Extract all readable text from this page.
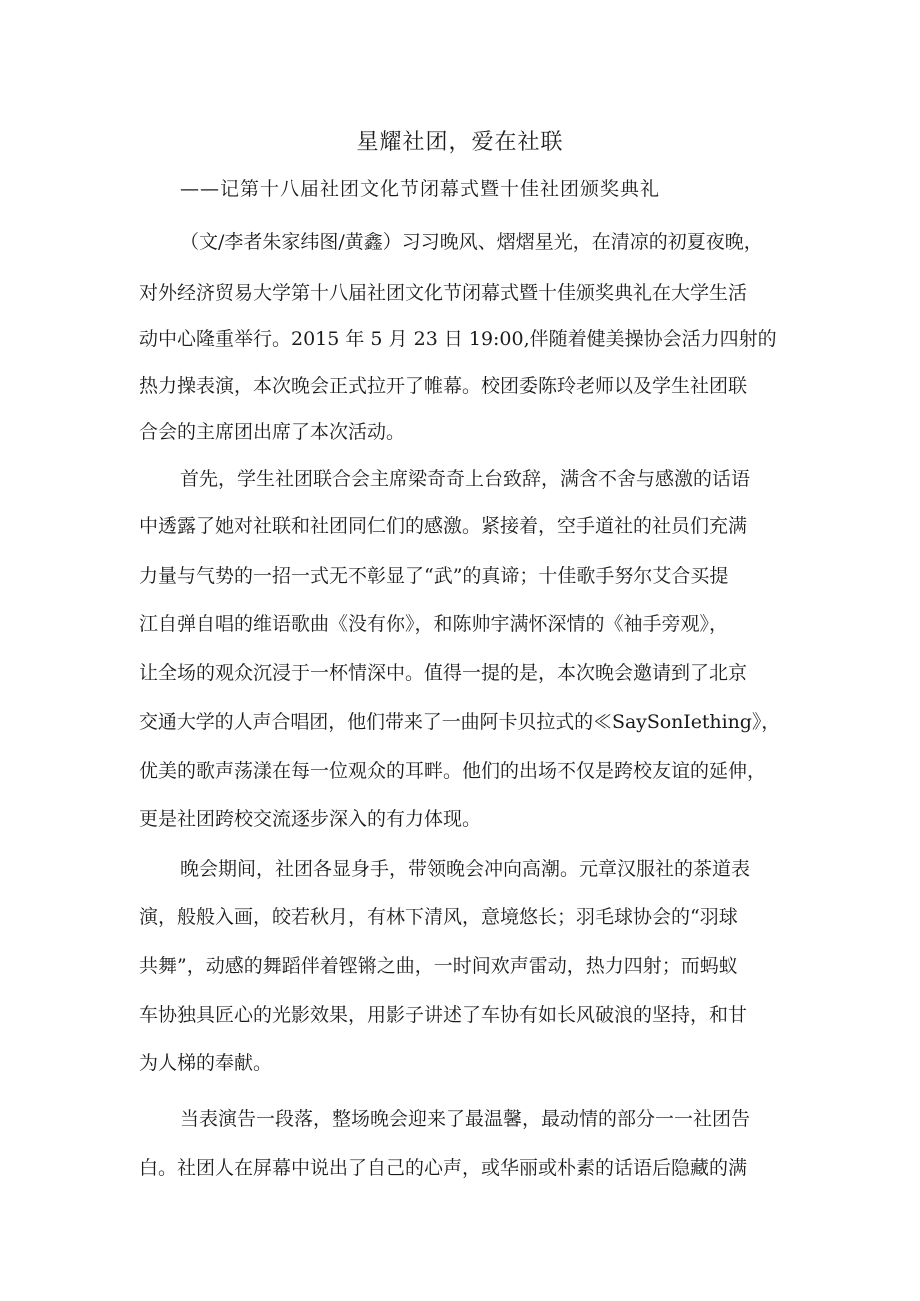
星耀社团，爱在社联
——记第十八届社团文化节闭幕式暨十佳社团颁奖典礼
（文/李者朱家纬图/黄鑫）习习晚风、熠熠星光，在清凉的初夏夜晚，
对外经济贸易大学第十八届社团文化节闭幕式暨十佳颁奖典礼在大学生活
动中心隆重举行。2015 年 5 月 23 日 19:00,伴随着健美操协会活力四射的
热力操表演，本次晚会正式拉开了帷幕。校团委陈玲老师以及学生社团联
合会的主席团出席了本次活动。
首先，学生社团联合会主席梁奇奇上台致辞，满含不舍与感激的话语
中透露了她对社联和社团同仁们的感激。紧接着，空手道社的社员们充满
力量与气势的一招一式无不彰显了“武”的真谛；十佳歌手努尔艾合买提
江自弹自唱的维语歌曲《没有你》，和陈帅宇满怀深情的《袖手旁观》，
让全场的观众沉浸于一杯情深中。值得一提的是，本次晚会邀请到了北京
交通大学的人声合唱团，他们带来了一曲阿卡贝拉式的≪SaySonIething》，
优美的歌声荡漾在每一位观众的耳畔。他们的出场不仅是跨校友谊的延伸，
更是社团跨校交流逐步深入的有力体现。
晚会期间，社团各显身手，带领晚会冲向高潮。元章汉服社的茶道表
演，般般入画，皎若秋月，有林下清风，意境悠长；羽毛球协会的“羽球
共舞”，动感的舞蹈伴着铿锵之曲，一时间欢声雷动，热力四射；而蚂蚁
车协独具匠心的光影效果，用影子讲述了车协有如长风破浪的坚持，和甘
为人梯的奉献。
当表演告一段落，整场晚会迎来了最温馨，最动情的部分一一社团告
白。社团人在屏幕中说出了自己的心声，或华丽或朴素的话语后隐藏的满
